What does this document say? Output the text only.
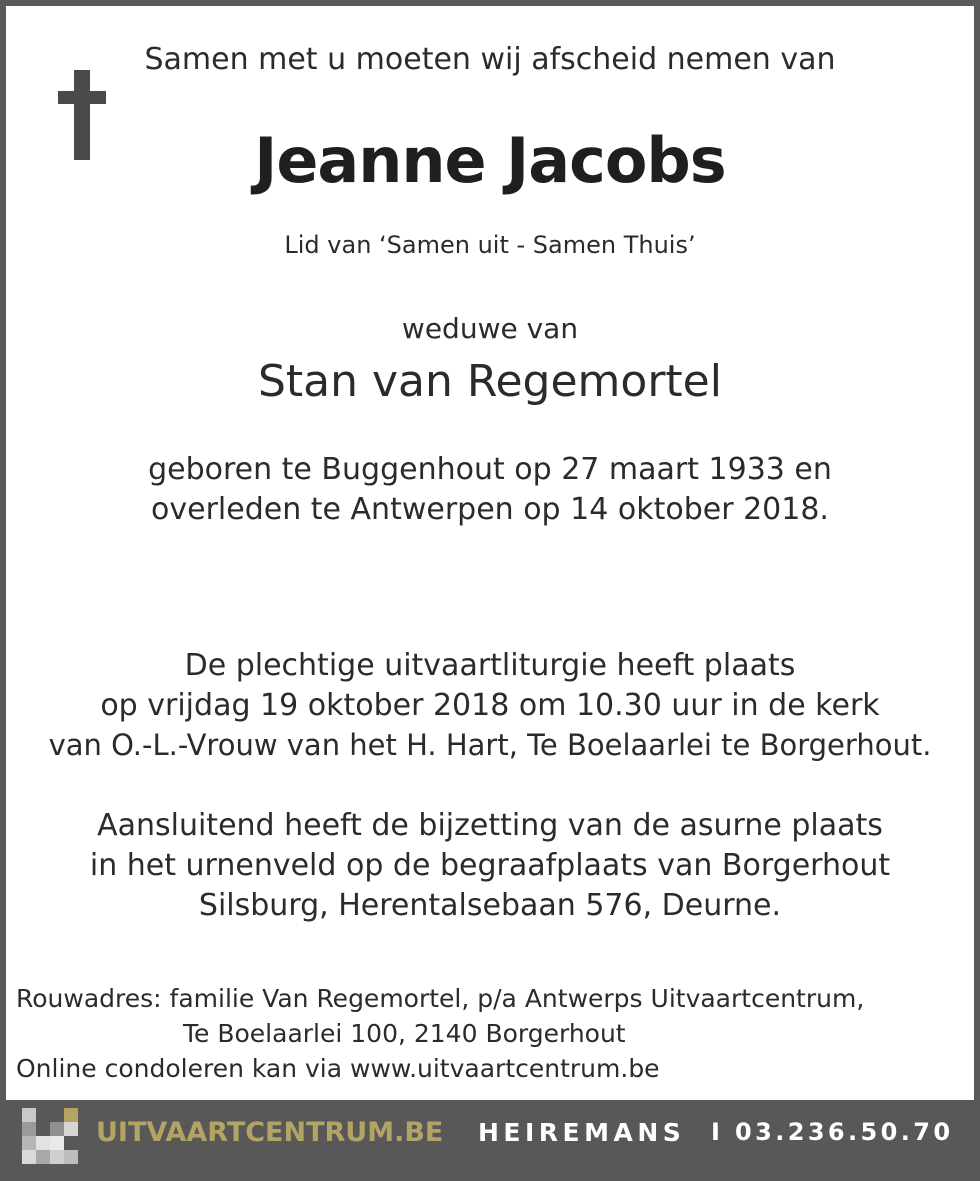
Samen met u moeten wij afscheid nemen van
Jeanne Jacobs
Lid van ‘Samen uit - Samen Thuis’
weduwe van
Stan van Regemortel
geboren te Buggenhout op 27 maart 1933 en
overleden te Antwerpen op 14 oktober 2018.
De plechtige uitvaartliturgie heeft plaats
op vrijdag 19 oktober 2018 om 10.30 uur in de kerk
van O.-L.-Vrouw van het H. Hart, Te Boelaarlei te Borgerhout.
Aansluitend heeft de bijzetting van de asurne plaats
in het urnenveld op de begraafplaats van Borgerhout
Silsburg, Herentalsebaan 576, Deurne.
Rouwadres: familie Van Regemortel, p/a Antwerps Uitvaartcentrum,
Te Boelaarlei 100, 2140 Borgerhout
Online condoleren kan via www.uitvaartcentrum.be
UITVAARTCENTRUM.BE HEIREMANS I 03.236.50.70
